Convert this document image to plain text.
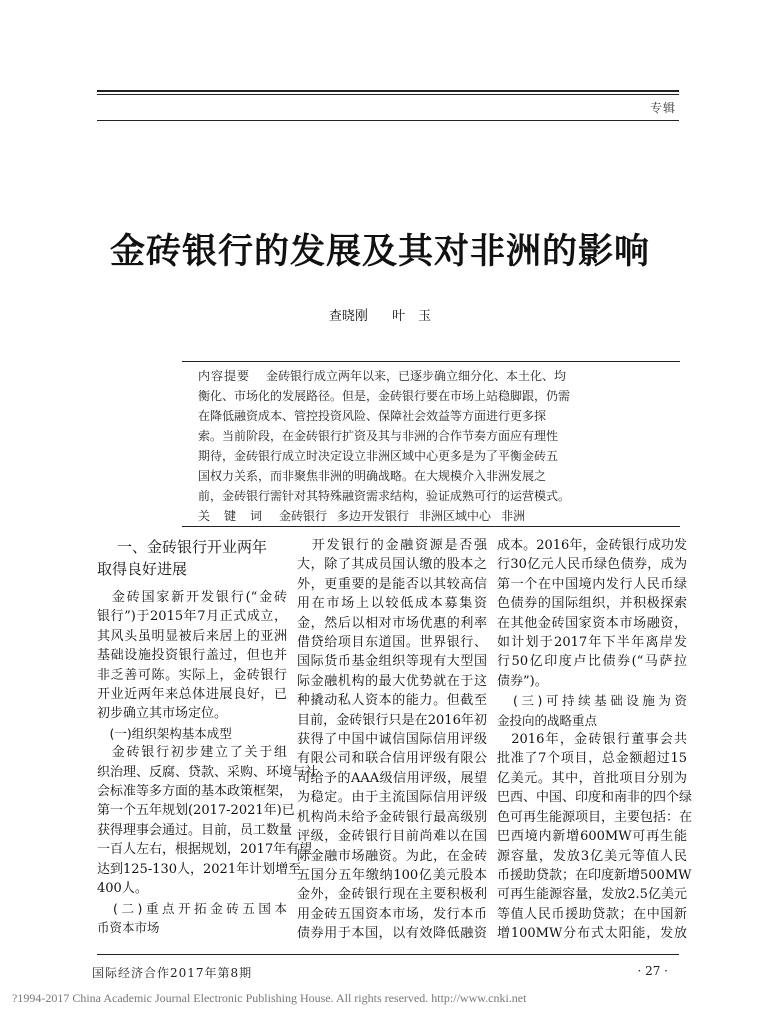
专辑
金砖银行的发展及其对非洲的影响
查晓刚 叶　玉
内容提要 金砖银行成立两年以来，已逐步确立细分化、本土化、均
衡化、市场化的发展路径。但是，金砖银行要在市场上站稳脚跟，仍需
在降低融资成本、管控投资风险、保障社会效益等方面进行更多探
索。当前阶段，在金砖银行扩资及其与非洲的合作节奏方面应有理性
期待，金砖银行成立时决定设立非洲区域中心更多是为了平衡金砖五
国权力关系，而非聚焦非洲的明确战略。在大规模介入非洲发展之
前，金砖银行需针对其特殊融资需求结构，验证成熟可行的运营模式。
关　键　词 金砖银行 多边开发银行 非洲区域中心 非洲
一、金砖银行开业两年
取得良好进展
　金砖国家新开发银行(“金砖
银行”)于2015年7月正式成立，
其风头虽明显被后来居上的亚洲
基础设施投资银行盖过，但也并
非乏善可陈。实际上，金砖银行
开业近两年来总体进展良好，已
初步确立其市场定位。
　(一)组织架构基本成型
　金砖银行初步建立了关于组
织治理、反腐、贷款、采购、环境与社
会标准等多方面的基本政策框架，
第一个五年规划(2017-2021年)已
获得理事会通过。目前，员工数量
一百人左右，根据规划，2017年有望
达到125-130人，2021年计划增至
400人。
　(二)重点开拓金砖五国本
币资本市场
　开发银行的金融资源是否强
大，除了其成员国认缴的股本之
外，更重要的是能否以其较高信
用在市场上以较低成本募集资
金，然后以相对市场优惠的利率
借贷给项目东道国。世界银行、
国际货币基金组织等现有大型国
际金融机构的最大优势就在于这
种撬动私人资本的能力。但截至
目前，金砖银行只是在2016年初
获得了中国中诚信国际信用评级
有限公司和联合信用评级有限公
司给予的AAA级信用评级，展望
为稳定。由于主流国际信用评级
机构尚未给予金砖银行最高级别
评级，金砖银行目前尚难以在国
际金融市场融资。为此，在金砖
五国分五年缴纳100亿美元股本
金外，金砖银行现在主要积极利
用金砖五国资本市场，发行本币
债券用于本国，以有效降低融资
成本。2016年，金砖银行成功发
行30亿元人民币绿色债券，成为
第一个在中国境内发行人民币绿
色债券的国际组织，并积极探索
在其他金砖国家资本市场融资，
如计划于2017年下半年离岸发
行50亿印度卢比债券(“马萨拉
债券”)。
　(三)可持续基础设施为资
金投向的战略重点
　2016年，金砖银行董事会共
批准了7个项目，总金额超过15
亿美元。其中，首批项目分别为
巴西、中国、印度和南非的四个绿
色可再生能源项目，主要包括：在
巴西境内新增600MW可再生能
源容量，发放3亿美元等值人民
币援助贷款；在印度新增500MW
可再生能源容量，发放2.5亿美元
等值人民币援助贷款；在中国新
增100MW分布式太阳能，发放
国际经济合作2017年第8期	· 27 ·
?1994-2017 China Academic Journal Electronic Publishing House. All rights reserved. http://www.cnki.net
